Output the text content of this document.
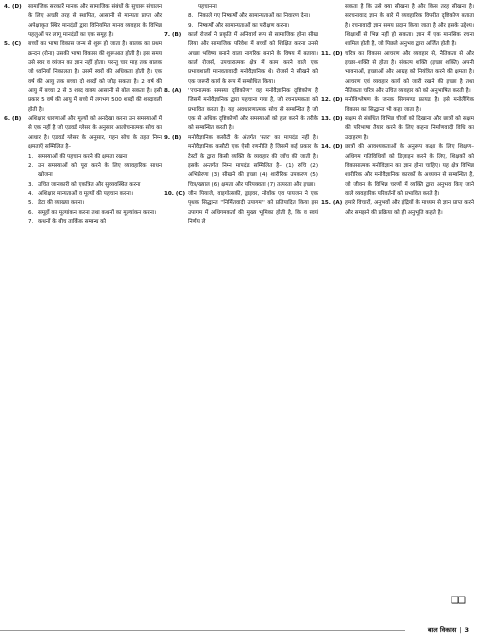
4. (D)	सामाजिक सरकारें मानक और सामाजिक संबंधों के सुचारू संचालन के लिए अच्छी तरह से स्थापित, आसानी से मान्यता प्राप्त और अपेक्षाकृत स्थिर मानदंडों द्वारा विनियमित मानव व्यवहार के विभिन्न पहलुओं पर लागू मानदंडों का एक समूह है।
5. (C)	बच्चों का भाषा विकास जन्म से शुरू हो जाता है। बालक का प्रथम क्रन्दन (रोना) उसकी भाषा विकास की शुरूआत होती है। इस समय उसे स्वर व व्यंजन का ज्ञान नहीं होता। परन्तु चार माह तक बालक जो ध्वनियाँ निकालता है। उसमें स्वरों की अधिकता होती है। एक वर्ष की आयु तक बच्चा दो शब्दों को जोड़ सकता है। 2 वर्ष की आयु में बच्चा 2 से 3 शब्द वाक्य आसानी से बोल सकता है। इसी प्रकार 5 वर्ष की आयु में बच्चे में लगभग 500 शब्दों की शब्दावली होती है।
6. (B)	अशिक्षार धारणाओं और मूल्यों को अनदेखा करना उन समस्याओं में से एक नहीं है जो एडवर्ड ग्लेसर के अनुसार आलोचनात्मक सोच का आधार है। एडवर्ड ग्लेसर के अनुसार, गहन सोच के तहत निम्न क्षमताएँ सम्मिलित है–
1. समस्याओं की पहचान करने की क्षमता रखना
2. उन समस्याओं को पूरा करने के लिए व्यावहारिक साधन खोजना
3. उचित जानकारी को एकत्रित और सुव्यवस्थित करना
4. अशिक्षार मान्यताओं व मूल्यों की पहचान करना।
5. डेटा की व्याख्या करना।
6. समूहों का मूल्यांकन करना तथा कथनों का मूल्यांकन करना।
7. कथनों के बीच तार्किक सम्बन्ध को
पहचानना
8. निकाले गए निष्कर्षों और सामान्यताओं का निवारण देना।
9. निष्कर्षों और सामान्यताओं का परीक्षण करना।
7. (B)	कार्ल रोजर्स ने प्रकृति में अनिवार्य रूप से सामाजिक होना सीख लिया और सामाजिक परिवेश में बच्चों को शिक्षित करना उनसे अच्छा भविष्य बनाने वाला नागरिक बनाने के विषय में बताया। कार्ल रोजर्स, उपचारात्मक क्षेत्र में काम करने वाले एक प्रभावशाली मानवतावादी मनोवैज्ञानिक थे। रोजर्स ने सीखने को एक जरूरी कार्य के रूप में सम्बोधित किया।
8. (A)	''रचनात्मक समस्या दृष्टिकोण'' वह मनोवैज्ञानिक दृष्टिकोण है जिसमें मनोवैज्ञानिक द्वारा पहचाना गया है, जो रचनात्मकता को प्रभावित करता है। यह अवधारणात्मक सोच से सम्बन्धित है जो एक से अधिक दृष्टिकोणों और समस्याओं को हल करने के तरीके को सम्बन्धित करती है।
9. (B)	मनोवैज्ञानिक कसौटी के अंतर्गत 'स्तर' का मापदंड नहीं है। मनोवैज्ञानिक कसौटी एक ऐसी रणनीति है जिसमें कई प्रकार के टेस्टों के द्वारा किसी व्यक्ति के व्यवहार की जाँच की जाती है। इसके अन्तर्गत निम्न मापदंड सम्मिलित है– (1) रुचि (2) अभिप्रेरणा (3) सीखने की इच्छा (4) शारीरिक उपकरण (5) चित्र/ख्याल (6) क्षमता और परिपक्वता (7) तत्परता और इच्छा।
10. (C) जीन पियाजे, वाइगोत्सकी, ड्राइवर, नोवॉक एव पायजन ने एक पृथक सिद्धान्त ''निर्मितवादी उपागम'' को प्रतिपादित किया इस उपागम में अधिगमकर्ता की मुख्य भूमिका होती है, कि व स्वयं निर्णय ले
सकता है कि उसे क्या सीखना है और किस तरह सीखना है। सरचनावाद ज्ञान के बारे में व्यवहारिक विपरीत दृष्टिकोण बताता है। रचनावादी ज्ञान समय प्रदान किया जाता है और इसके उद्देश्य। शिक्षार्थी से भिन्न नहीं हो सकता। ज्ञान में एक मानसिक रचना शामिल होती है, जो पिछले अनुभव द्वारा अर्जित होती है।
11. (D) चरित्र का विकास आचरण और व्यवहार से, नैतिकता से और इच्छा–शक्ति से होता है। संकल्प शक्ति (इच्छा शक्ति) अपनी भावनाओं, इच्छाओं और आग्रह को नियंत्रित करने की क्षमता है। आचरण एवं व्यवहार कार्य को जारी रखने की इच्छा है तथा नैतिकता चरित्र और उचित व्यवहार को को अनुभाषित करती है।
12. (D) मनोविश्लेषण के जनक सिगमण्ड फ्रायड है। इसे मनोलैंगिक विकास का सिद्धान्त भी कहा जाता है।
13. (D) सक्षम से संबंधित विभिन्न चीजों को दिखाना और छात्रों को सक्षम की परिभाषा तैयार करने के लिए कहना निर्माणवादी विधि का उदाहरण है।
14. (D) छात्रों की आवश्यकताओं के अनुरूप कक्षा के लिए शिक्षण–अधिगम गतिविधियों को डिज़ाइन करने के लिए, शिक्षकों को विकासात्मक मनोविज्ञान का ज्ञान होना चाहिए। यह क्षेत्र विभिन्न शारीरिक और मनोवैज्ञानिक कारकों के अध्ययन से सम्बन्धित है, जो जीवन के विभिन्न चरणों में व्यक्ति द्वारा अनुभव किए जाने वाले व्यवहारिक परिवर्तनों को प्रभावित करते है।
15. (A) हमारे विचारों, अनुभवों और इंद्रियों के माध्यम से ज्ञान प्राप्त करने और समझने की प्रक्रिया को ही अनुभूति कहते है।
❑❑
बाल विकास | 3
